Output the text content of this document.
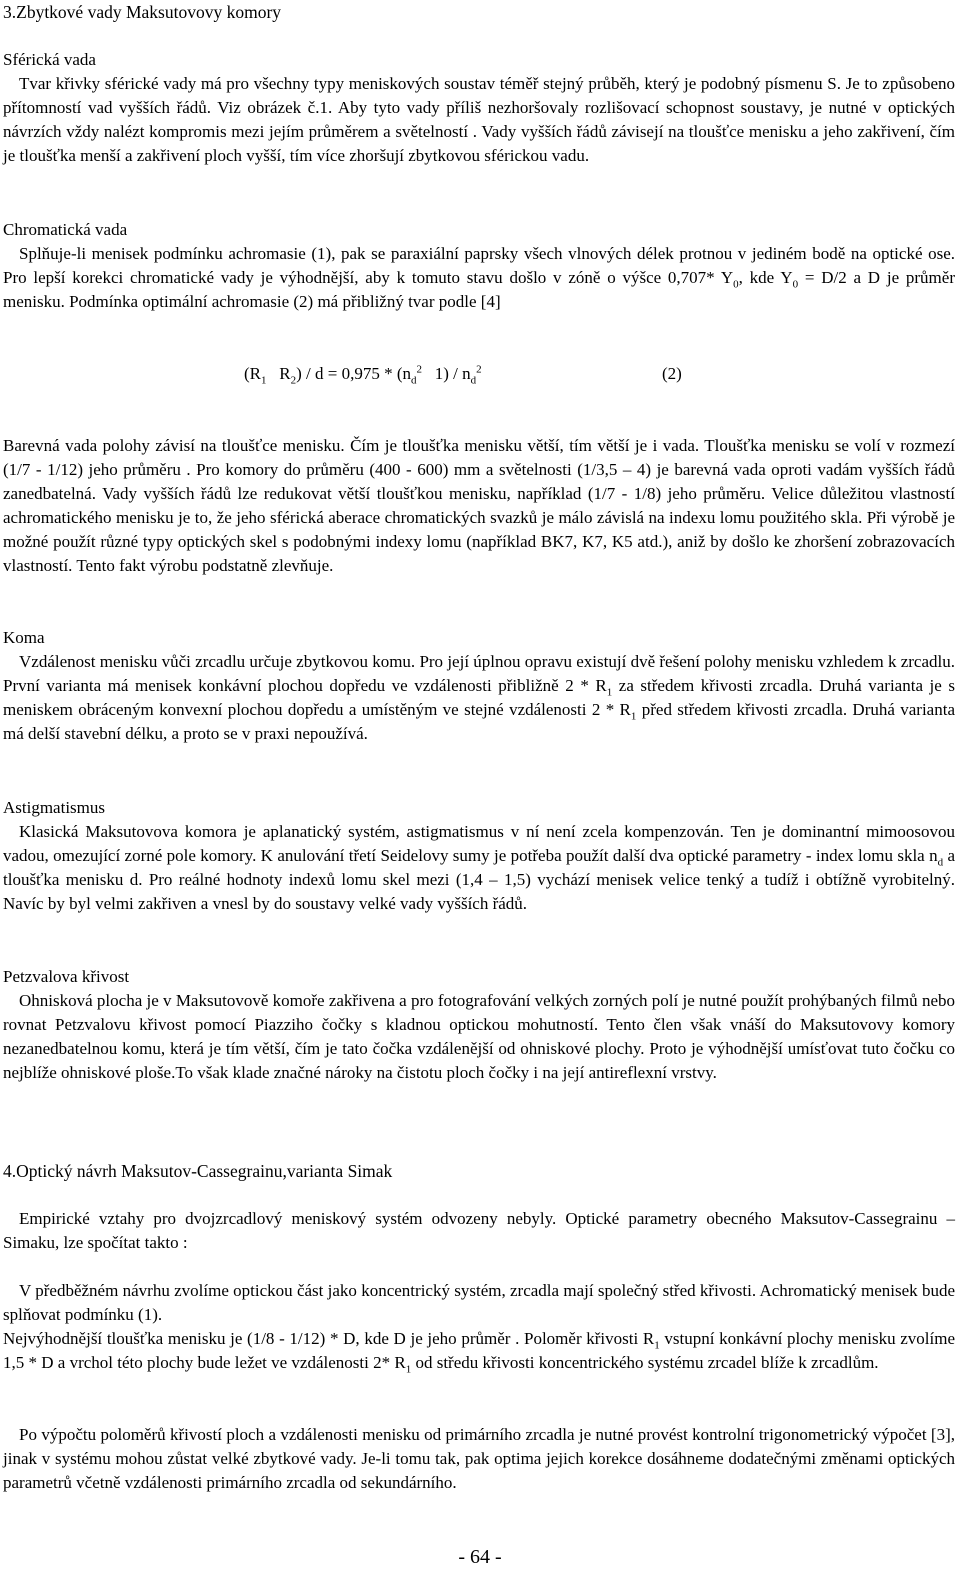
3.Zbytkové vady Maksutovovy komory
Sférická vada

Tvar křivky sférické vady má pro všechny typy meniskových soustav téměř stejný průběh, který je podobný písmenu S. Je to způsobeno přítomností vad vyšších řádů. Viz obrázek č.1. Aby tyto vady příliš nezhoršovaly rozlišovací schopnost soustavy, je nutné v optických návrzích vždy nalézt kompromis mezi jejím průměrem a světelností . Vady vyšších řádů závisejí na tloušťce menisku a jeho zakřivení, čím je tloušťka menší a zakřivení ploch vyšší, tím více zhoršují zbytkovou sférickou vadu.

Chromatická vada

Splňuje-li menisek podmínku achromasie (1), pak se paraxiální paprsky všech vlnových délek protnou v jediném bodě na optické ose. Pro lepší korekci chromatické vady je výhodnější, aby k tomuto stavu došlo v zóně o výšce 0,707* $Y_0$, kde $Y_0 = D/2$ a D je průměr menisku. Podmínka optimální achromasie (2) má přibližný tvar podle [4]

($R_1$   $R_2) / d = 0,975 * (n_d^2$   $1) / n_d^2$	(2)

Barevná vada polohy závisí na tloušťce menisku. Čím je tloušťka menisku větší, tím větší je i vada. Tloušťka menisku se volí v rozmezí (1/7 - 1/12) jeho průměru . Pro komory do průměru (400 - 600) mm a světelnosti (1/3,5 – 4) je barevná vada oproti vadám vyšších řádů zanedbatelná. Vady vyšších řádů lze redukovat větší tloušťkou menisku, například (1/7 - 1/8) jeho průměru. Velice důležitou vlastností achromatického menisku je to, že jeho sférická aberace chromatických svazků je málo závislá na indexu lomu použitého skla. Při výrobě je možné použít různé typy optických skel s podobnými indexy lomu (například BK7, K7, K5 atd.), aniž by došlo ke zhoršení zobrazovacích vlastností. Tento fakt výrobu podstatně zlevňuje.

Koma

Vzdálenost menisku vůči zrcadlu určuje zbytkovou komu. Pro její úplnou opravu existují dvě řešení polohy menisku vzhledem k zrcadlu. První varianta má menisek konkávní plochou dopředu ve vzdálenosti přibližně $2 * R_1$ za středem křivosti zrcadla. Druhá varianta je s meniskem obráceným konvexní plochou dopředu a umístěným ve stejné vzdálenosti $2 * R_1$ před středem křivosti zrcadla. Druhá varianta má delší stavební délku, a proto se v praxi nepoužívá.

Astigmatismus

Klasická Maksutovova komora je aplanatický systém, astigmatismus v ní není zcela kompenzován. Ten je dominantní mimoosovou vadou, omezující zorné pole komory. K anulování třetí Seidelovy sumy je potřeba použít další dva optické parametry - index lomu skla $n_d$ a tloušťka menisku d. Pro reálné hodnoty indexů lomu skel mezi (1,4 – 1,5) vychází menisek velice tenký a tudíž i obtížně vyrobitelný. Navíc by byl velmi zakřiven a vnesl by do soustavy velké vady vyšších řádů.

Petzvalova křivost

Ohnisková plocha je v Maksutovově komoře zakřivena a pro fotografování velkých zorných polí je nutné použít prohýbaných filmů nebo rovnat Petzvalovu křivost pomocí Piazziho čočky s kladnou optickou mohutností. Tento člen však vnáší do Maksutovovy komory nezanedbatelnou komu, která je tím větší, čím je tato čočka vzdálenější od ohniskové plochy. Proto je výhodnější umísťovat tuto čočku co nejblíže ohniskové ploše.To však klade značné nároky na čistotu ploch čočky i na její antireflexní vrstvy.

4.Optický návrh Maksutov-Cassegrainu,varianta Simak

Empirické vztahy pro dvojzrcadlový meniskový systém odvozeny nebyly. Optické parametry obecného Maksutov-Cassegrainu – Simaku, lze spočítat takto :

V předběžném návrhu zvolíme optickou část jako koncentrický systém, zrcadla mají společný střed křivosti. Achromatický menisek bude splňovat podmínku (1).

Nejvýhodnější tloušťka menisku je (1/8 - 1/12) * D, kde D je jeho průměr . Poloměr křivosti $R_1$ vstupní konkávní plochy menisku zvolíme 1,5 * D a vrchol této plochy bude ležet ve vzdálenosti 2* $R_1$ od středu křivosti koncentrického systému zrcadel blíže k zrcadlům.

Po výpočtu poloměrů křivostí ploch a vzdálenosti menisku od primárního zrcadla je nutné provést kontrolní trigonometrický výpočet [3], jinak v systému mohou zůstat velké zbytkové vady. Je-li tomu tak, pak optima jejich korekce dosáhneme dodatečnými změnami optických parametrů včetně vzdálenosti primárního zrcadla od sekundárního.

- 64 -
